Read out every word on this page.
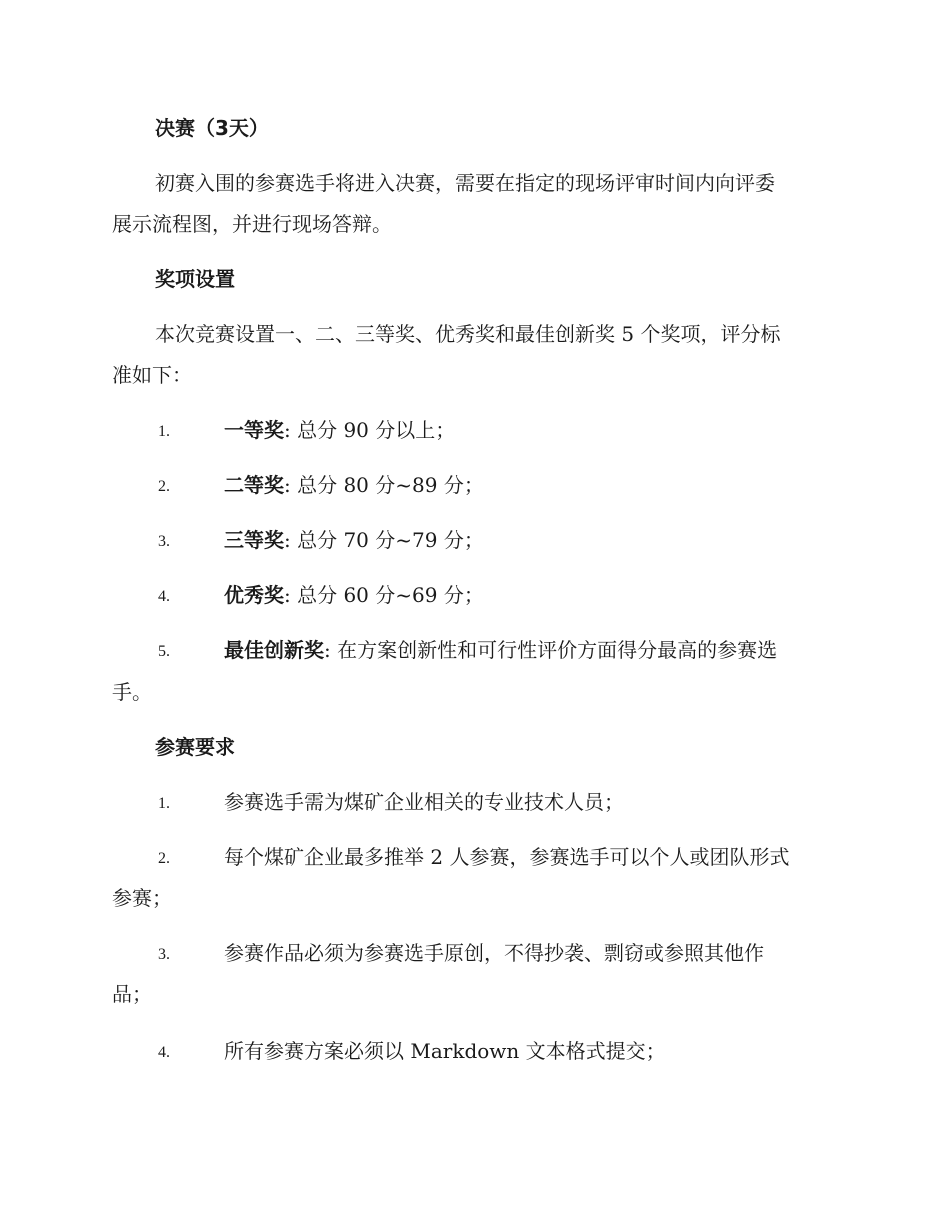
决赛（3天）
初赛入围的参赛选手将进入决赛，需要在指定的现场评审时间内向评委
展示流程图，并进行现场答辩。
奖项设置
本次竞赛设置一、二、三等奖、优秀奖和最佳创新奖 5 个奖项，评分标
准如下：
1.	一等奖: 总分 90 分以上；
2.	二等奖: 总分 80 分~89 分；
3.	三等奖: 总分 70 分~79 分；
4.	优秀奖: 总分 60 分~69 分；
5.	最佳创新奖: 在方案创新性和可行性评价方面得分最高的参赛选
手。
参赛要求
1.	参赛选手需为煤矿企业相关的专业技术人员；
2.	每个煤矿企业最多推举 2 人参赛，参赛选手可以个人或团队形式
参赛；
3.	参赛作品必须为参赛选手原创，不得抄袭、剽窃或参照其他作
品；
4.	所有参赛方案必须以 Markdown 文本格式提交；
